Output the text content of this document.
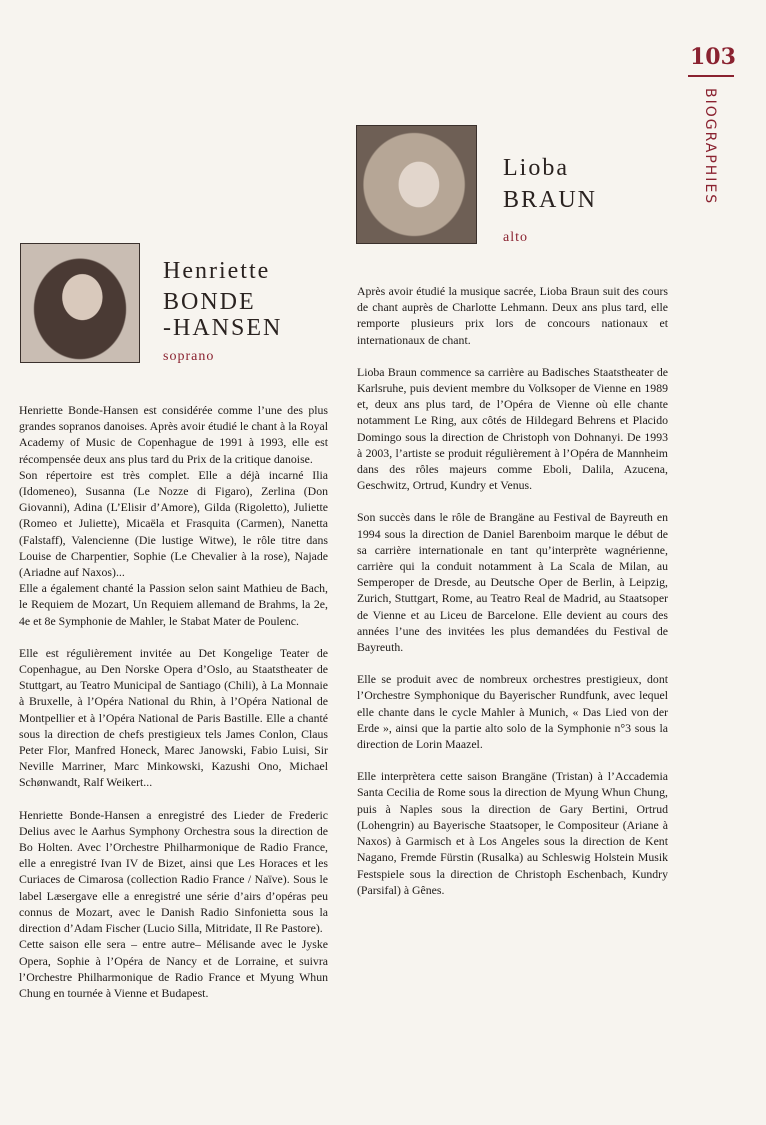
103
BIOGRAPHIES
Henriette
BONDE
-HANSEN
soprano

Henriette Bonde-Hansen est considérée comme l’une des plus grandes sopranos danoises. Après avoir étudié le chant à la Royal Academy of Music de Copenhague de 1991 à 1993, elle est récompensée deux ans plus tard du Prix de la critique danoise.

Son répertoire est très complet. Elle a déjà incarné Ilia (Idomeneo), Susanna (Le Nozze di Figaro), Zerlina (Don Giovanni), Adina (L’Elisir d’Amore), Gilda (Rigoletto), Juliette (Romeo et Juliette), Micaëla et Frasquita (Carmen), Nanetta (Falstaff), Valencienne (Die lustige Witwe), le rôle titre dans Louise de Charpentier, Sophie (Le Chevalier à la rose), Najade (Ariadne auf Naxos)...

Elle a également chanté la Passion selon saint Mathieu de Bach, le Requiem de Mozart, Un Requiem allemand de Brahms, la 2e, 4e et 8e Symphonie de Mahler, le Stabat Mater de Poulenc.

Elle est régulièrement invitée au Det Kongelige Teater de Copenhague, au Den Norske Opera d’Oslo, au Staatstheater de Stuttgart, au Teatro Municipal de Santiago (Chili), à La Monnaie à Bruxelle, à l’Opéra National du Rhin, à l’Opéra National de Montpellier et à l’Opéra National de Paris Bastille. Elle a chanté sous la direction de chefs prestigieux tels James Conlon, Claus Peter Flor, Manfred Honeck, Marec Janowski, Fabio Luisi, Sir Neville Marriner, Marc Minkowski, Kazushi Ono, Michael Schønwandt, Ralf Weikert...

Henriette Bonde-Hansen a enregistré des Lieder de Frederic Delius avec le Aarhus Symphony Orchestra sous la direction de Bo Holten. Avec l’Orchestre Philharmonique de Radio France, elle a enregistré Ivan IV de Bizet, ainsi que Les Horaces et les Curiaces de Cimarosa (collection Radio France / Naïve). Sous le label Læsergave elle a enregistré une série d’airs d’opéras peu connus de Mozart, avec le Danish Radio Sinfonietta sous la direction d’Adam Fischer (Lucio Silla, Mitridate, Il Re Pastore).

Cette saison elle sera – entre autre– Mélisande avec le Jyske Opera, Sophie à l’Opéra de Nancy et de Lorraine, et suivra l’Orchestre Philharmonique de Radio France et Myung Whun Chung en tournée à Vienne et Budapest.

Lioba
BRAUN
alto

Après avoir étudié la musique sacrée, Lioba Braun suit des cours de chant auprès de Charlotte Lehmann. Deux ans plus tard, elle remporte plusieurs prix lors de concours nationaux et internationaux de chant.

Lioba Braun commence sa carrière au Badisches Staatstheater de Karlsruhe, puis devient membre du Volksoper de Vienne en 1989 et, deux ans plus tard, de l’Opéra de Vienne où elle chante notamment Le Ring, aux côtés de Hildegard Behrens et Placido Domingo sous la direction de Christoph von Dohnanyi. De 1993 à 2003, l’artiste se produit régulièrement à l’Opéra de Mannheim dans des rôles majeurs comme Eboli, Dalila, Azucena, Geschwitz, Ortrud, Kundry et Venus.

Son succès dans le rôle de Brangäne au Festival de Bayreuth en 1994 sous la direction de Daniel Barenboim marque le début de sa carrière internationale en tant qu’interprète wagnérienne, carrière qui la conduit notamment à La Scala de Milan, au Semperoper de Dresde, au Deutsche Oper de Berlin, à Leipzig, Zurich, Stuttgart, Rome, au Teatro Real de Madrid, au Staatsoper de Vienne et au Liceu de Barcelone. Elle devient au cours des années l’une des invitées les plus demandées du Festival de Bayreuth.

Elle se produit avec de nombreux orchestres prestigieux, dont l’Orchestre Symphonique du Bayerischer Rundfunk, avec lequel elle chante dans le cycle Mahler à Munich, « Das Lied von der Erde », ainsi que la partie alto solo de la Symphonie n°3 sous la direction de Lorin Maazel.

Elle interprètera cette saison Brangäne (Tristan) à l’Accademia Santa Cecilia de Rome sous la direction de Myung Whun Chung, puis à Naples sous la direction de Gary Bertini, Ortrud (Lohengrin) au Bayerische Staatsoper, le Compositeur (Ariane à Naxos) à Garmisch et à Los Angeles sous la direction de Kent Nagano, Fremde Fürstin (Rusalka) au Schleswig Holstein Musik Festspiele sous la direction de Christoph Eschenbach, Kundry (Parsifal) à Gênes.
